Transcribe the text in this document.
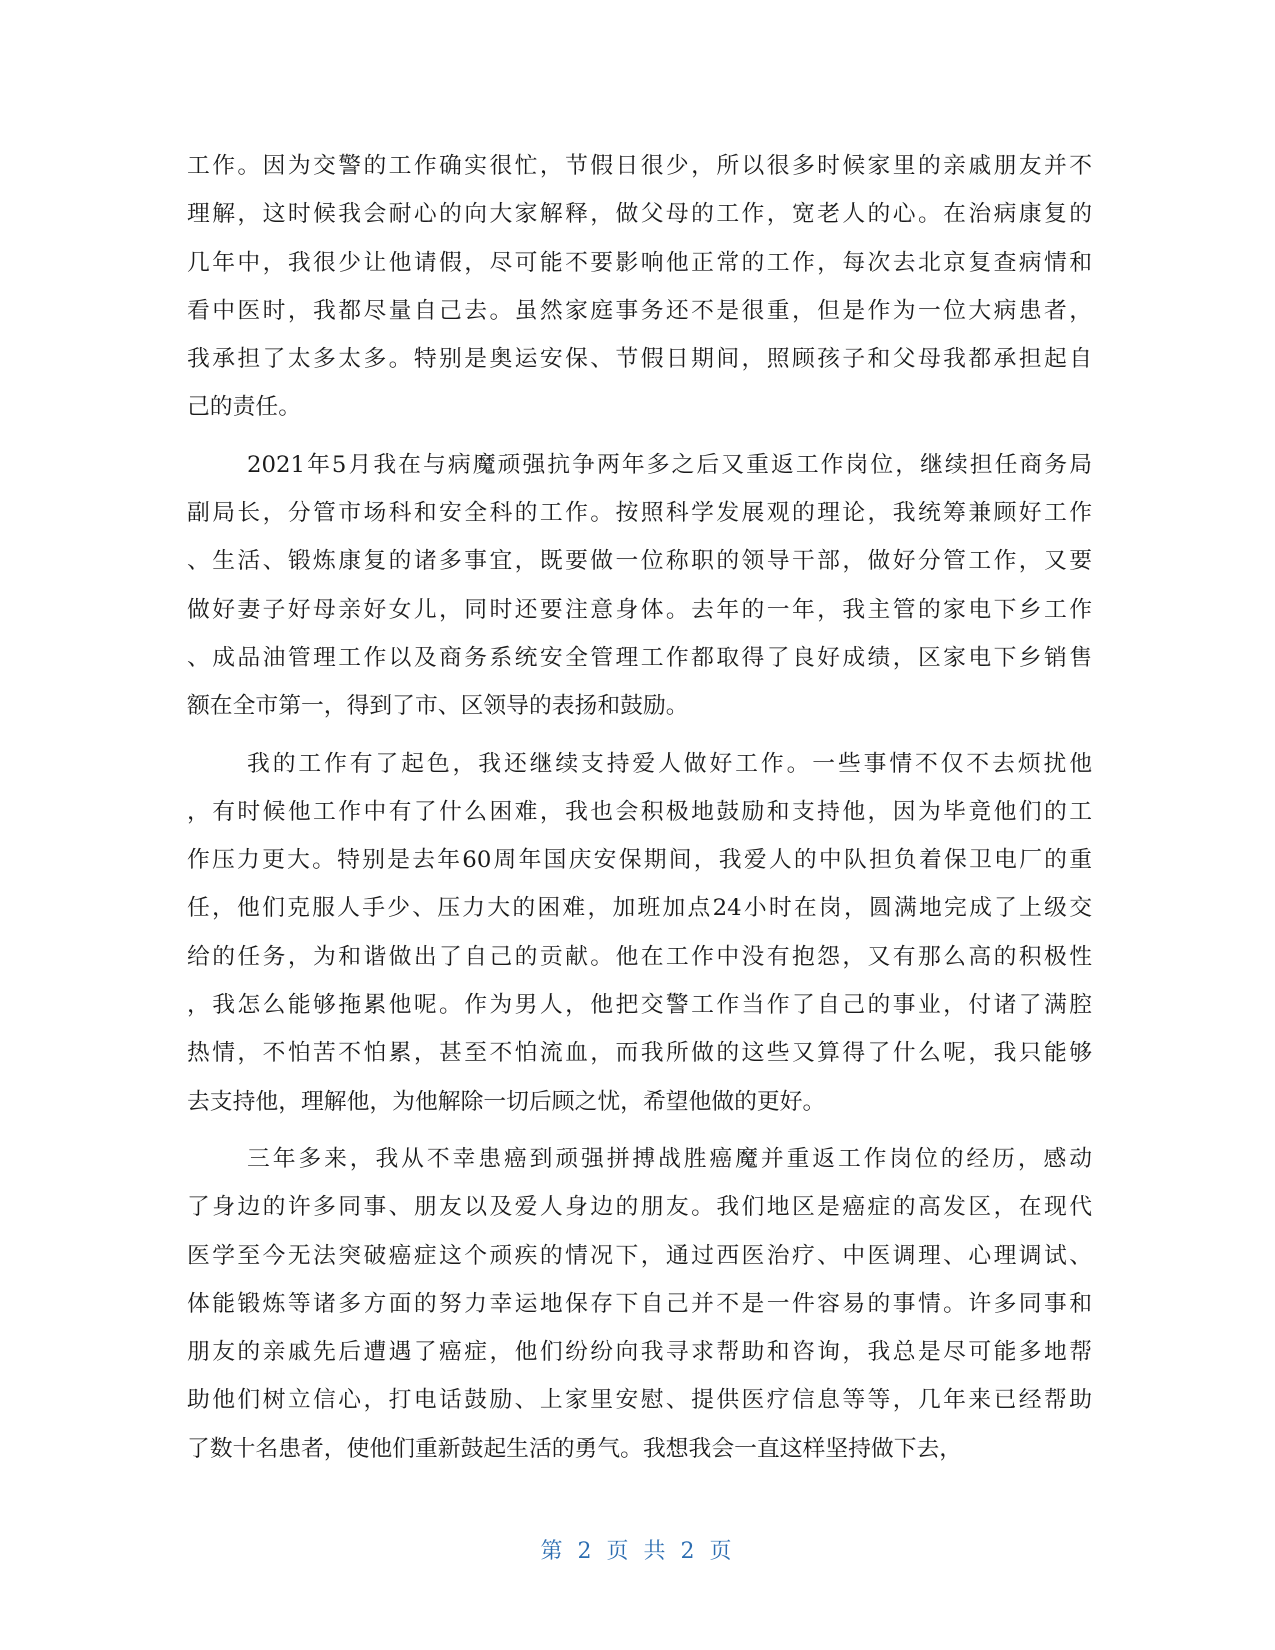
工作。因为交警的工作确实很忙，节假日很少，所以很多时候家里的亲戚朋友并不
理解，这时候我会耐心的向大家解释，做父母的工作，宽老人的心。在治病康复的
几年中，我很少让他请假，尽可能不要影响他正常的工作，每次去北京复查病情和
看中医时，我都尽量自己去。虽然家庭事务还不是很重，但是作为一位大病患者，
我承担了太多太多。特别是奥运安保、节假日期间，照顾孩子和父母我都承担起自
己的责任。
2021年5月我在与病魔顽强抗争两年多之后又重返工作岗位，继续担任商务局
副局长，分管市场科和安全科的工作。按照科学发展观的理论，我统筹兼顾好工作
、生活、锻炼康复的诸多事宜，既要做一位称职的领导干部，做好分管工作，又要
做好妻子好母亲好女儿，同时还要注意身体。去年的一年，我主管的家电下乡工作
、成品油管理工作以及商务系统安全管理工作都取得了良好成绩，区家电下乡销售
额在全市第一，得到了市、区领导的表扬和鼓励。
我的工作有了起色，我还继续支持爱人做好工作。一些事情不仅不去烦扰他
，有时候他工作中有了什么困难，我也会积极地鼓励和支持他，因为毕竟他们的工
作压力更大。特别是去年60周年国庆安保期间，我爱人的中队担负着保卫电厂的重
任，他们克服人手少、压力大的困难，加班加点24小时在岗，圆满地完成了上级交
给的任务，为和谐做出了自己的贡献。他在工作中没有抱怨，又有那么高的积极性
，我怎么能够拖累他呢。作为男人，他把交警工作当作了自己的事业，付诸了满腔
热情，不怕苦不怕累，甚至不怕流血，而我所做的这些又算得了什么呢，我只能够
去支持他，理解他，为他解除一切后顾之忧，希望他做的更好。
三年多来，我从不幸患癌到顽强拼搏战胜癌魔并重返工作岗位的经历，感动
了身边的许多同事、朋友以及爱人身边的朋友。我们地区是癌症的高发区，在现代
医学至今无法突破癌症这个顽疾的情况下，通过西医治疗、中医调理、心理调试、
体能锻炼等诸多方面的努力幸运地保存下自己并不是一件容易的事情。许多同事和
朋友的亲戚先后遭遇了癌症，他们纷纷向我寻求帮助和咨询，我总是尽可能多地帮
助他们树立信心，打电话鼓励、上家里安慰、提供医疗信息等等，几年来已经帮助
了数十名患者，使他们重新鼓起生活的勇气。我想我会一直这样坚持做下去，
第 2 页 共 2 页
